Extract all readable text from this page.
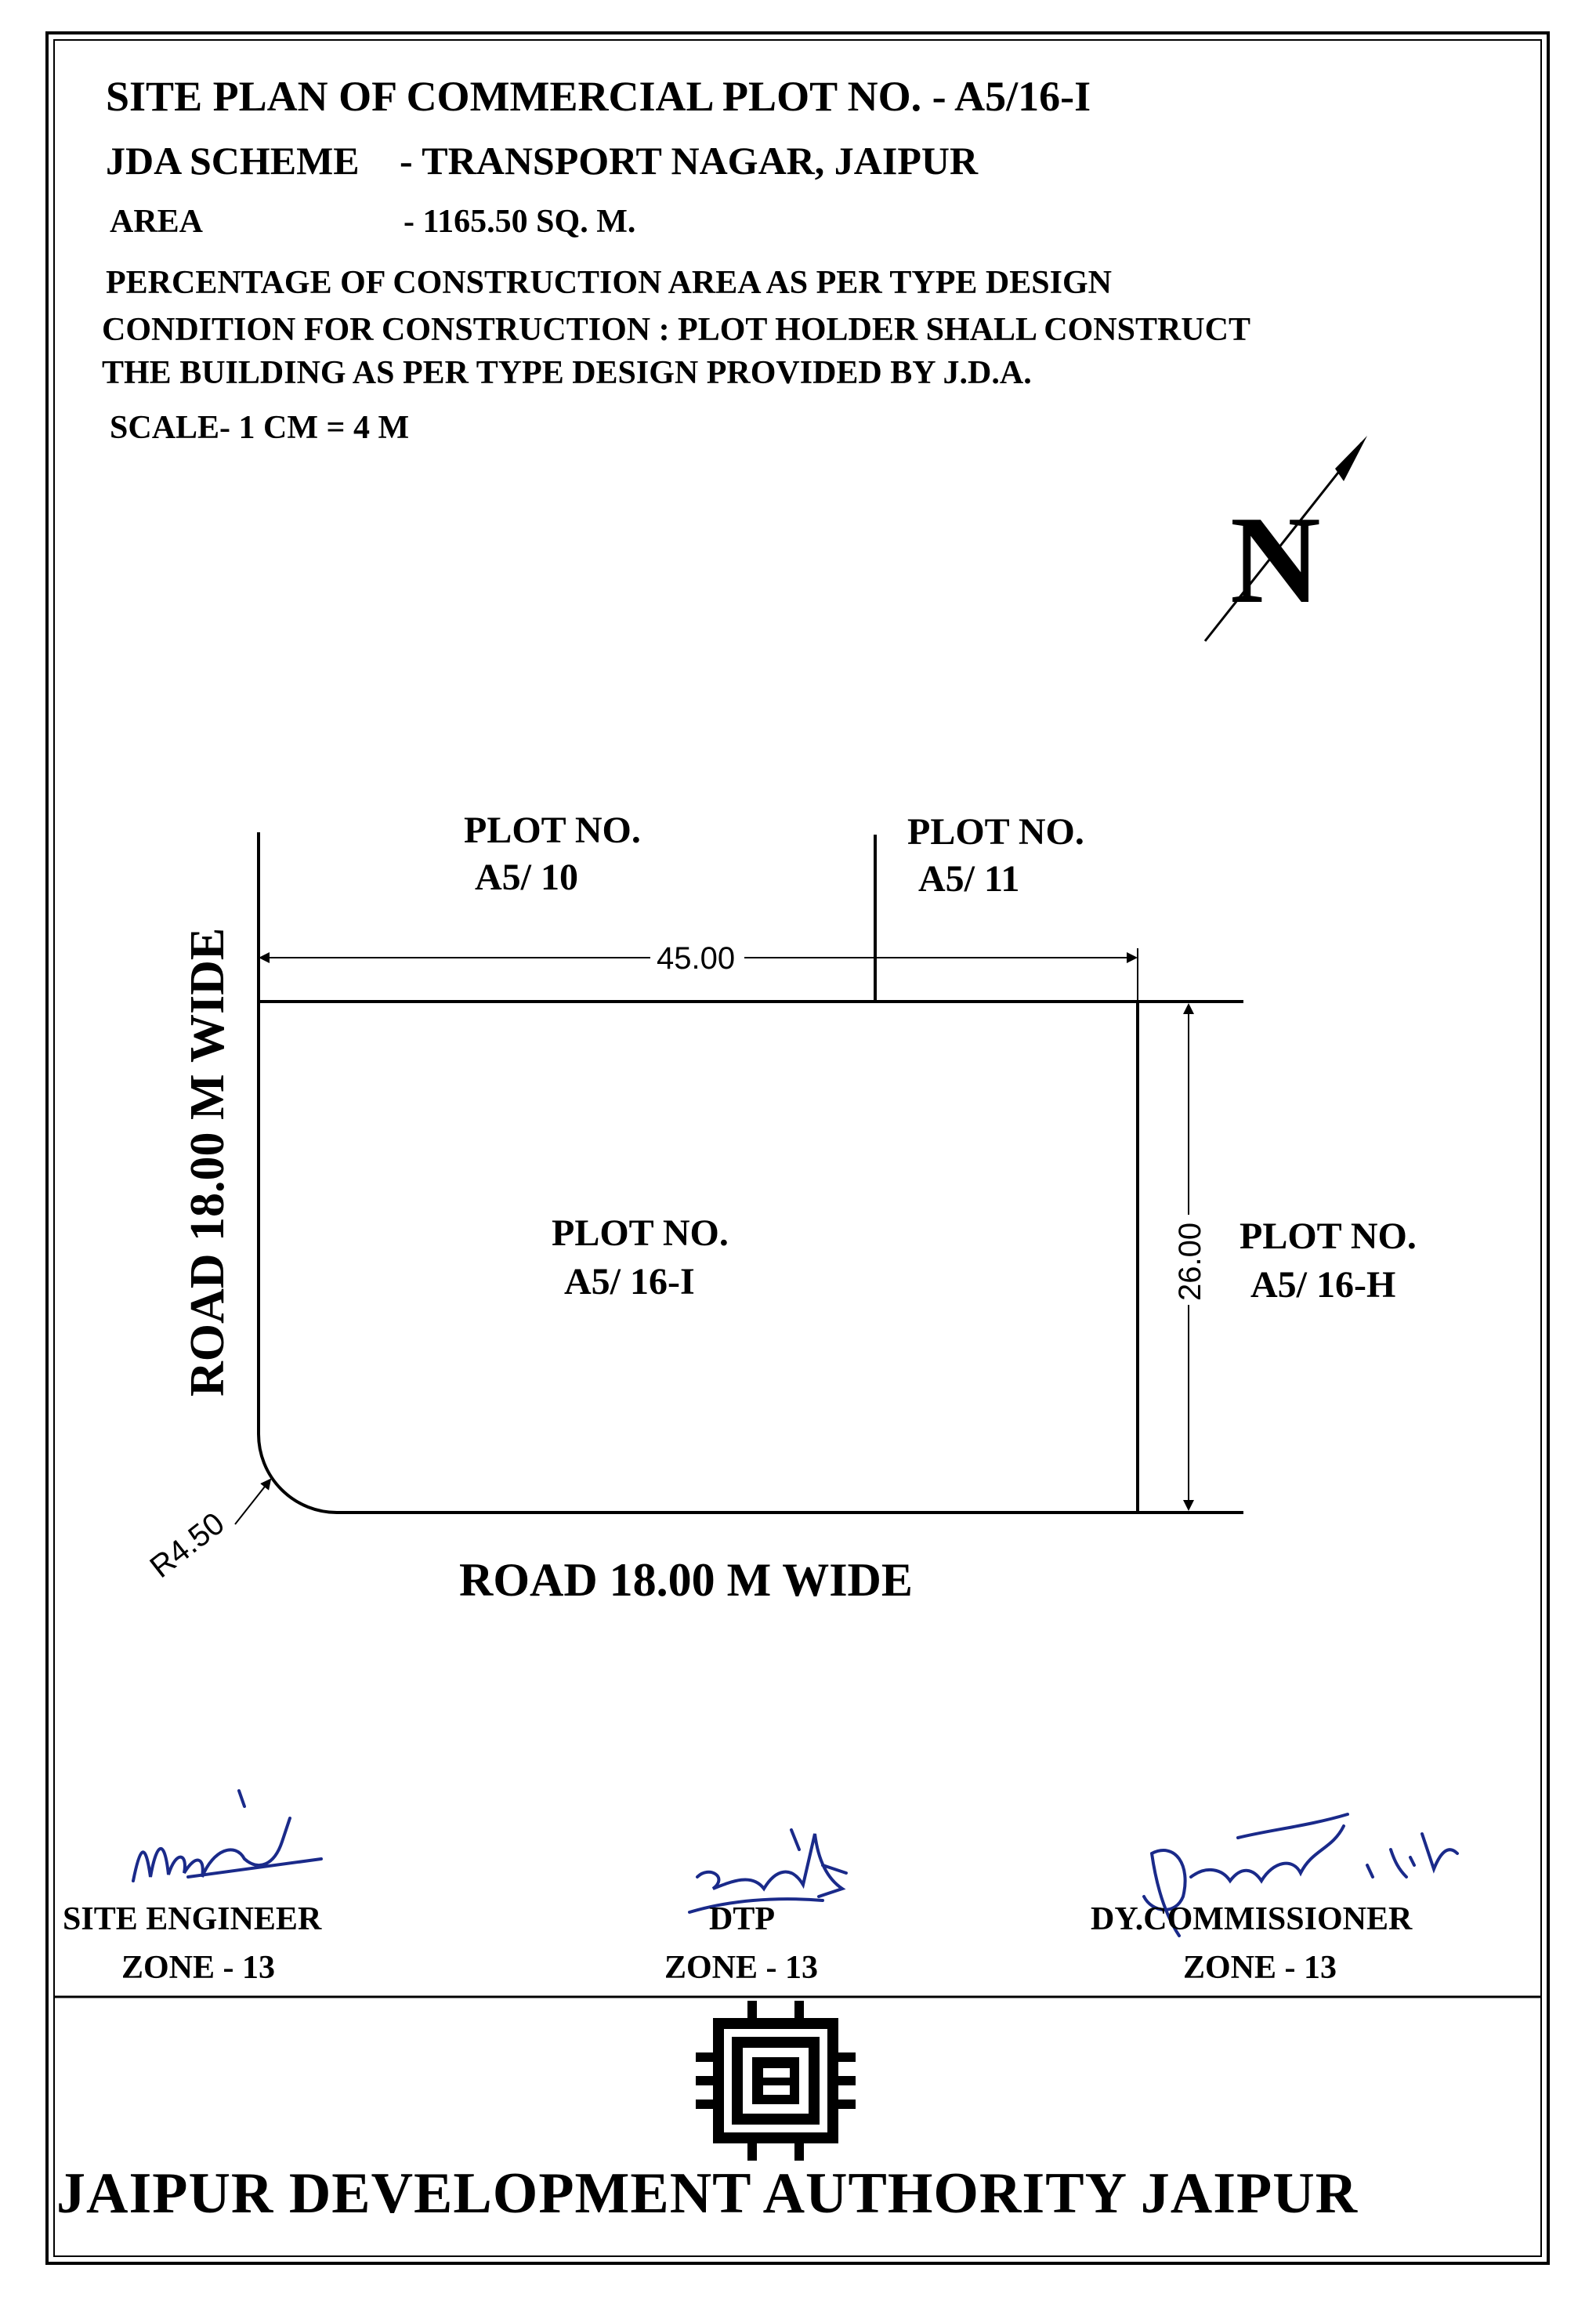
SITE PLAN OF COMMERCIAL PLOT NO. - A5/16-I
JDA SCHEME - TRANSPORT NAGAR, JAIPUR
AREA	- 1165.50 SQ. M.
PERCENTAGE OF CONSTRUCTION AREA AS PER TYPE DESIGN
CONDITION FOR CONSTRUCTION : PLOT HOLDER SHALL CONSTRUCT
THE BUILDING AS PER TYPE DESIGN PROVIDED BY J.D.A.
SCALE- 1 CM = 4 M
N
45.00
26.00
R4.50
ROAD 18.00 M WIDE
PLOT NO.
A5/ 10
PLOT NO.
A5/ 11
PLOT NO.
A5/ 16-I
PLOT NO.
A5/ 16-H
ROAD 18.00 M WIDE
SITE ENGINEER
ZONE - 13
DTP
ZONE - 13
DY.COMMISSIONER
ZONE - 13
JAIPUR DEVELOPMENT AUTHORITY JAIPUR
